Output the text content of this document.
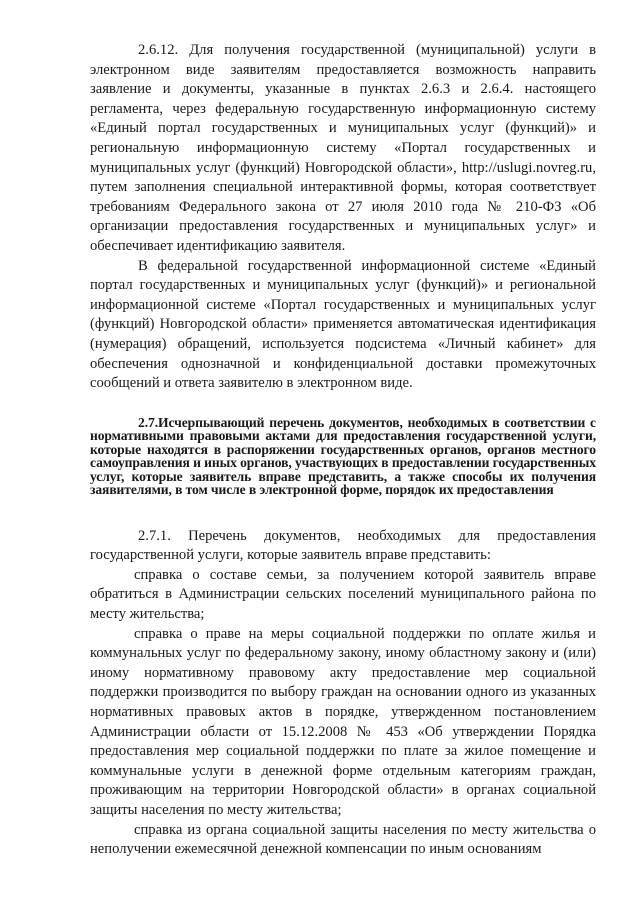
2.6.12. Для получения государственной (муниципальной) услуги в электронном виде заявителям предоставляется возможность направить заявление и документы, указанные в пунктах 2.6.3 и 2.6.4. настоящего регламента, через федеральную государственную информационную систему «Единый портал государственных и муниципальных услуг (функций)» и региональную информационную систему «Портал государственных и муниципальных услуг (функций) Новгородской области», http://uslugi.novreg.ru, путем заполнения специальной интерактивной формы, которая соответствует требованиям Федерального закона от 27 июля 2010 года № 210-ФЗ «Об организации предоставления государственных и муниципальных услуг» и обеспечивает идентификацию заявителя.

В федеральной государственной информационной системе «Единый портал государственных и муниципальных услуг (функций)» и региональной информационной системе «Портал государственных и муниципальных услуг (функций) Новгородской области» применяется автоматическая идентификация (нумерация) обращений, используется подсистема «Личный кабинет» для обеспечения однозначной и конфиденциальной доставки промежуточных сообщений и ответа заявителю в электронном виде.

2.7.Исчерпывающий перечень документов, необходимых в соответствии с нормативными правовыми актами для предоставления государственной услуги, которые находятся в распоряжении государственных органов, органов местного самоуправления и иных органов, участвующих в предоставлении государственных услуг, которые заявитель вправе представить, а также способы их получения заявителями, в том числе в электронной форме, порядок их предоставления

2.7.1. Перечень документов, необходимых для предоставления государственной услуги, которые заявитель вправе представить:

справка о составе семьи, за получением которой заявитель вправе обратиться в Администрации сельских поселений муниципального района по месту жительства;

справка о праве на меры социальной поддержки по оплате жилья и коммунальных услуг по федеральному закону, иному областному закону и (или) иному нормативному правовому акту предоставление мер социальной поддержки производится по выбору граждан на основании одного из указанных нормативных правовых актов в порядке, утвержденном постановлением Администрации области от 15.12.2008 № 453 «Об утверждении Порядка предоставления мер социальной поддержки по плате за жилое помещение и коммунальные услуги в денежной форме отдельным категориям граждан, проживающим на территории Новгородской области» в органах социальной защиты населения по месту жительства;

справка из органа социальной защиты населения по месту жительства о неполучении ежемесячной денежной компенсации по иным основаниям
